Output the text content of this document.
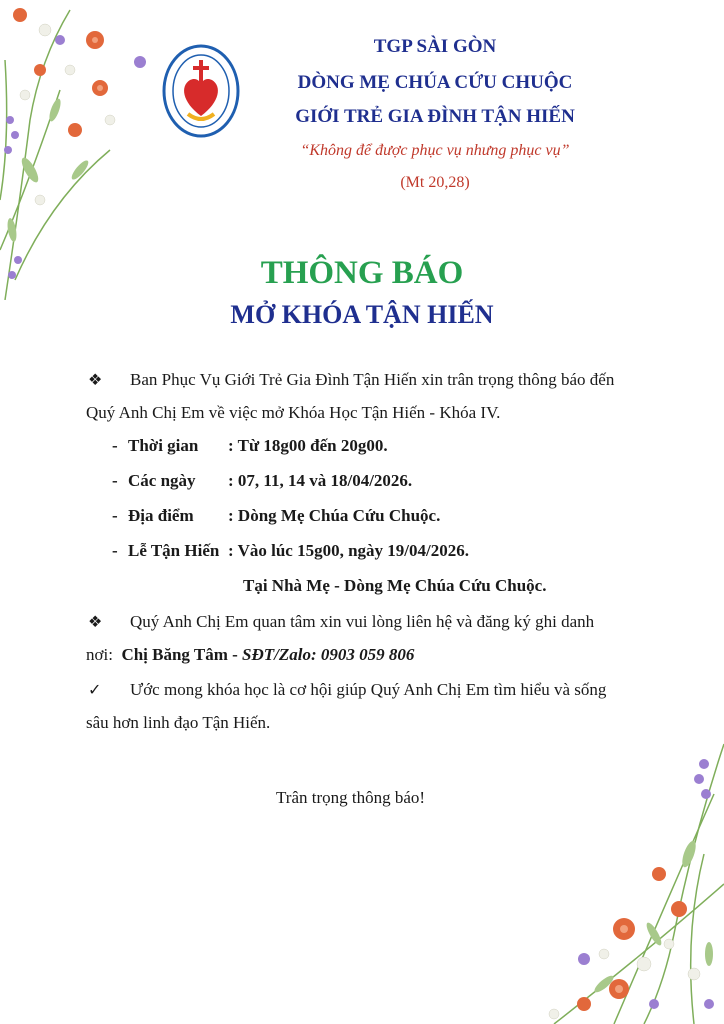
TGP SÀI GÒN
DÒNG MẸ CHÚA CỨU CHUỘC
GIỚI TRẺ GIA ĐÌNH TẬN HIẾN
“Không để được phục vụ nhưng phục vụ”
(Mt 20,28)
THÔNG BÁO
MỞ KHÓA TẬN HIẾN
❖ Ban Phục Vụ Giới Trẻ Gia Đình Tận Hiến xin trân trọng thông báo đến
Quý Anh Chị Em về việc mở Khóa Học Tận Hiến - Khóa IV.
- Thời gian : Từ 18g00 đến 20g00.
- Các ngày : 07, 11, 14 và 18/04/2026.
- Địa điểm : Dòng Mẹ Chúa Cứu Chuộc.
- Lễ Tận Hiến : Vào lúc 15g00, ngày 19/04/2026.
Tại Nhà Mẹ - Dòng Mẹ Chúa Cứu Chuộc.
❖ Quý Anh Chị Em quan tâm xin vui lòng liên hệ và đăng ký ghi danh
nơi: Chị Băng Tâm - SĐT/Zalo: 0903 059 806
✓ Ước mong khóa học là cơ hội giúp Quý Anh Chị Em tìm hiểu và sống
sâu hơn linh đạo Tận Hiến.
Trân trọng thông báo!
